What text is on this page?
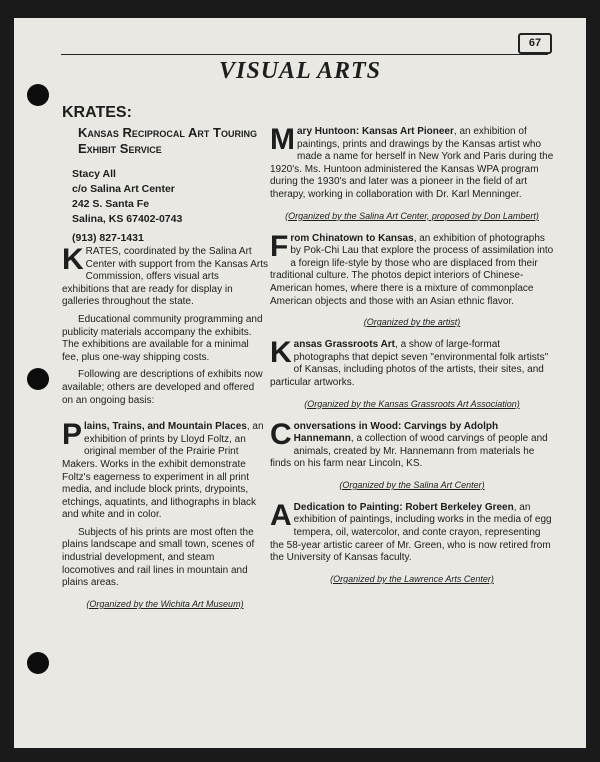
67
VISUAL ARTS
KRATES:
Kansas Reciprocal Art Touring Exhibit Service
Stacy All
c/o Salina Art Center
242 S. Santa Fe
Salina, KS 67402-0743
(913) 827-1431

KRATES, coordinated by the Salina Art Center with support from the Kansas Arts Commission, offers visual arts exhibitions that are ready for display in galleries throughout the state.

Educational community programming and publicity materials accompany the exhibits. The exhibitions are available for a minimal fee, plus one-way shipping costs.

Following are descriptions of exhibits now available; others are developed and offered on an ongoing basis:

Plains, Trains, and Mountain Places, an exhibition of prints by Lloyd Foltz, an original member of the Prairie Print Makers. Works in the exhibit demonstrate Foltz's eagerness to experiment in all print media, and include block prints, drypoints, etchings, aquatints, and lithographs in black and white and in color.

Subjects of his prints are most often the plains landscape and small town, scenes of industrial development, and steam locomotives and rail lines in mountain and plains areas.

(Organized by the Wichita Art Museum)

Mary Huntoon: Kansas Art Pioneer, an exhibition of paintings, prints and drawings by the Kansas artist who made a name for herself in New York and Paris during the 1920's. Ms. Huntoon administered the Kansas WPA program during the 1930's and later was a pioneer in the field of art therapy, working in collaboration with Dr. Karl Menninger.

(Organized by the Salina Art Center, proposed by Don Lambert)

From Chinatown to Kansas, an exhibition of photographs by Pok-Chi Lau that explore the process of assimilation into a foreign life-style by those who are displaced from their traditional culture. The photos depict interiors of Chinese-American homes, where there is a mixture of commonplace American objects and those with an Asian ethnic flavor.

(Organized by the artist)

Kansas Grassroots Art, a show of large-format photographs that depict seven "environmental folk artists" of Kansas, including photos of the artists, their sites, and particular artworks.

(Organized by the Kansas Grassroots Art Association)

Conversations in Wood: Carvings by Adolph Hannemann, a collection of wood carvings of people and animals, created by Mr. Hannemann from materials he finds on his farm near Lincoln, KS.

(Organized by the Salina Art Center)

A Dedication to Painting: Robert Berkeley Green, an exhibition of paintings, including works in the media of egg tempera, oil, watercolor, and conte crayon, representing the 58-year artistic career of Mr. Green, who is now retired from the University of Kansas faculty.

(Organized by the Lawrence Arts Center)
